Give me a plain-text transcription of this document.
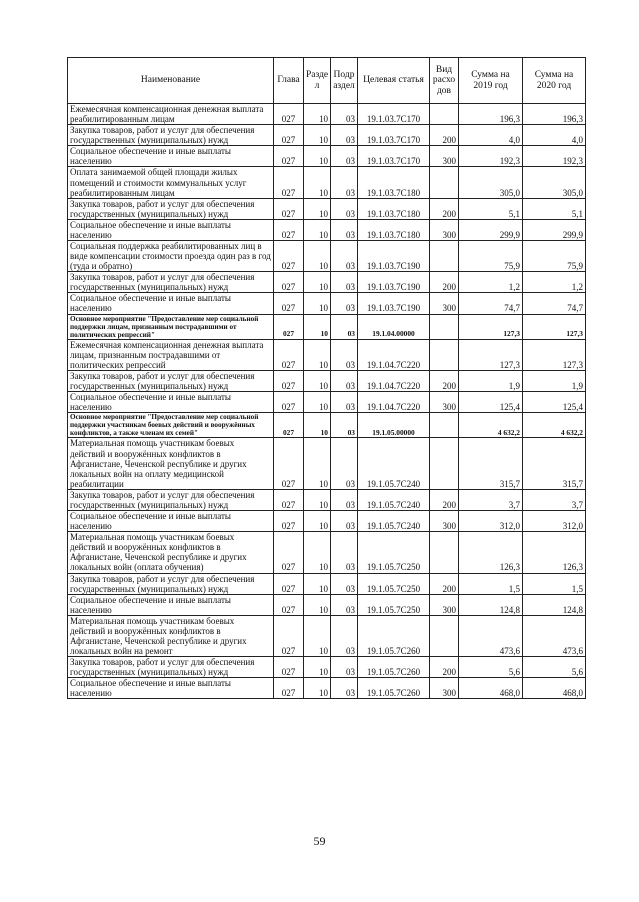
Наименование	Глава	Разде л	Подр аздел	Целевая статья	Вид расхо дов	Сумма на 2019 год	Сумма на 2020 год
Ежемесячная компенсационная денежная выплата реабилитированным лицам	027	10	03	19.1.03.7С170		196,3	196,3
Закупка товаров, работ и услуг для обеспечения государственных (муниципальных) нужд	027	10	03	19.1.03.7С170	200	4,0	4,0
Социальное обеспечение и иные выплаты населению	027	10	03	19.1.03.7С170	300	192,3	192,3
Оплата занимаемой общей площади жилых помещений и стоимости коммунальных услуг реабилитированным лицам	027	10	03	19.1.03.7С180		305,0	305,0
Закупка товаров, работ и услуг для обеспечения государственных (муниципальных) нужд	027	10	03	19.1.03.7С180	200	5,1	5,1
Социальное обеспечение и иные выплаты населению	027	10	03	19.1.03.7С180	300	299,9	299,9
Социальная поддержка реабилитированных лиц в виде компенсации стоимости проезда один раз в год (туда и обратно)	027	10	03	19.1.03.7С190		75,9	75,9
Закупка товаров, работ и услуг для обеспечения государственных (муниципальных) нужд	027	10	03	19.1.03.7С190	200	1,2	1,2
Социальное обеспечение и иные выплаты населению	027	10	03	19.1.03.7С190	300	74,7	74,7
Основное мероприятие "Предоставление мер социальной поддержки лицам, признанным пострадавшими от политических репрессий"	027	10	03	19.1.04.00000		127,3	127,3
Ежемесячная компенсационная денежная выплата лицам, признанным пострадавшими от политических репрессий	027	10	03	19.1.04.7С220		127,3	127,3
Закупка товаров, работ и услуг для обеспечения государственных (муниципальных) нужд	027	10	03	19.1.04.7С220	200	1,9	1,9
Социальное обеспечение и иные выплаты населению	027	10	03	19.1.04.7С220	300	125,4	125,4
Основное мероприятие "Предоставление мер социальной поддержки участникам боевых действий и вооружённых конфликтов, а также членам их семей"	027	10	03	19.1.05.00000		4 632,2	4 632,2
Материальная помощь участникам боевых действий и вооружённых конфликтов в Афганистане, Чеченской республике и других локальных войн на оплату медицинской реабилитации	027	10	03	19.1.05.7С240		315,7	315,7
Закупка товаров, работ и услуг для обеспечения государственных (муниципальных) нужд	027	10	03	19.1.05.7С240	200	3,7	3,7
Социальное обеспечение и иные выплаты населению	027	10	03	19.1.05.7С240	300	312,0	312,0
Материальная помощь участникам боевых действий и вооружённых конфликтов в Афганистане, Чеченской республике и других локальных войн (оплата обучения)	027	10	03	19.1.05.7С250		126,3	126,3
Закупка товаров, работ и услуг для обеспечения государственных (муниципальных) нужд	027	10	03	19.1.05.7С250	200	1,5	1,5
Социальное обеспечение и иные выплаты населению	027	10	03	19.1.05.7С250	300	124,8	124,8
Материальная помощь участникам боевых действий и вооружённых конфликтов в Афганистане, Чеченской республике и других локальных войн на ремонт	027	10	03	19.1.05.7С260		473,6	473,6
Закупка товаров, работ и услуг для обеспечения государственных (муниципальных) нужд	027	10	03	19.1.05.7С260	200	5,6	5,6
Социальное обеспечение и иные выплаты населению	027	10	03	19.1.05.7С260	300	468,0	468,0
59
